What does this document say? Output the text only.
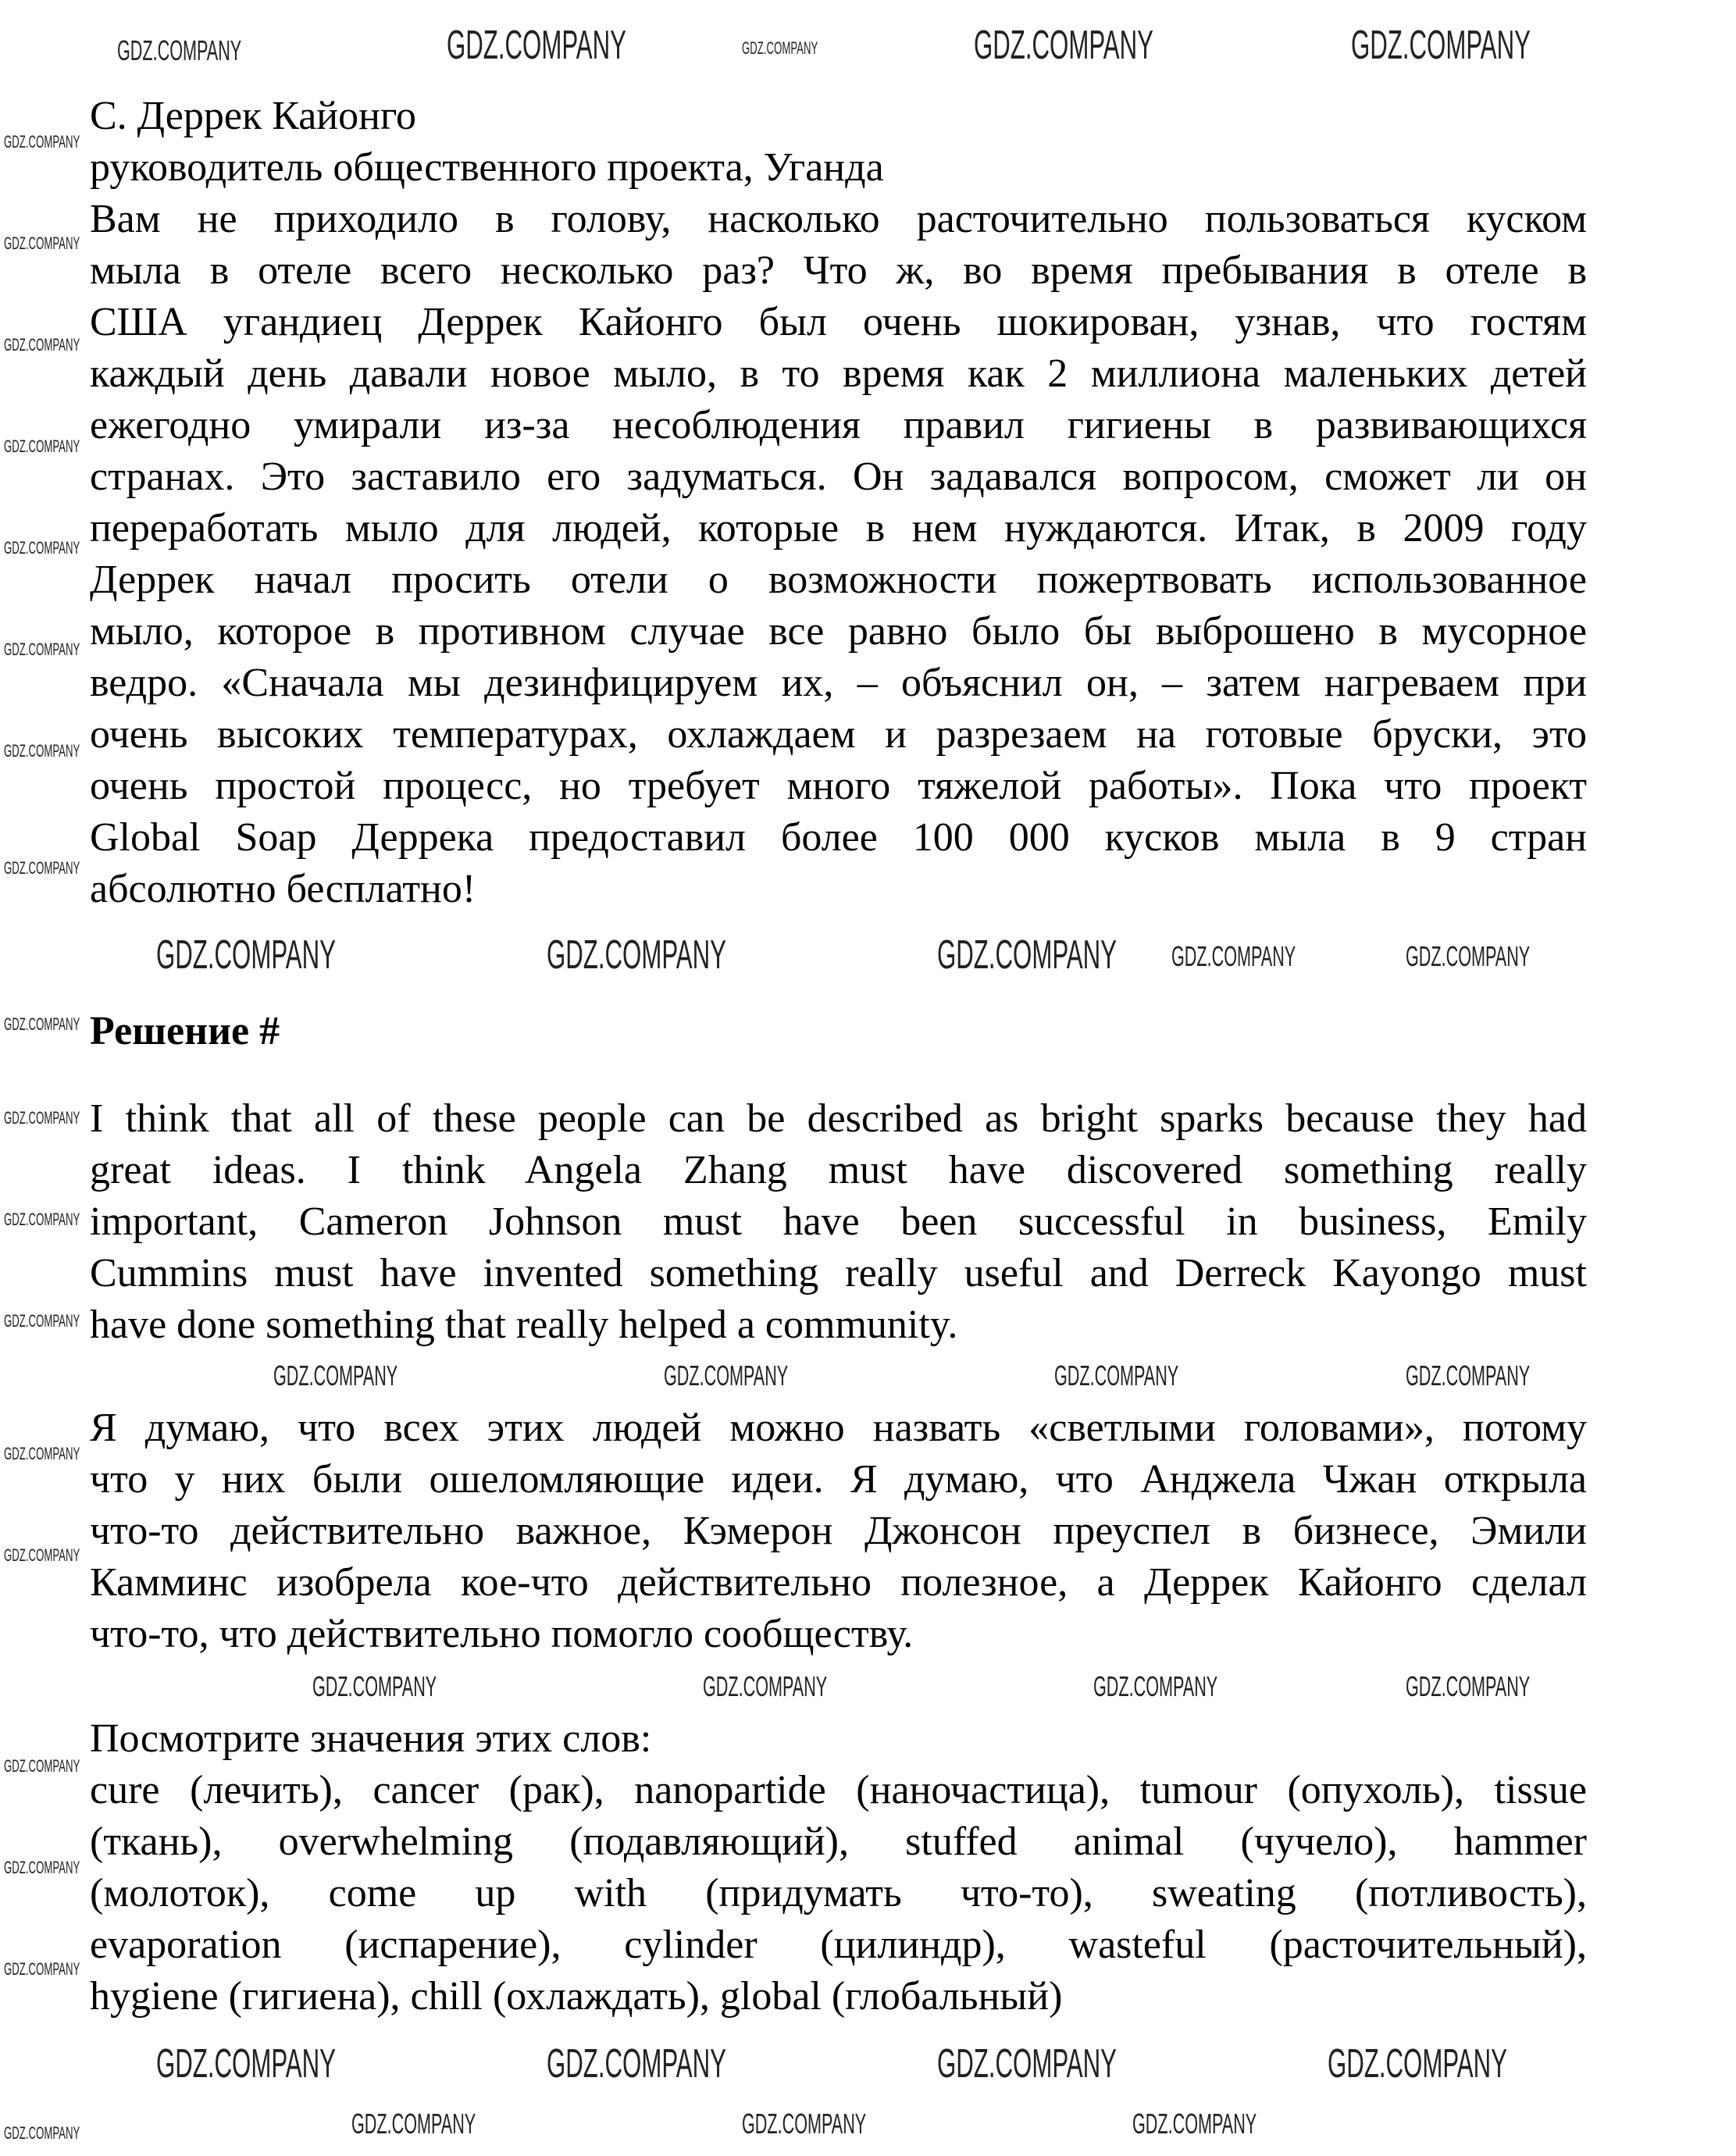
С. Деррек Кайонго
руководитель общественного проекта, Уганда
Вам не приходило в голову, насколько расточительно пользоваться куском
мыла в отеле всего несколько раз? Что ж, во время пребывания в отеле в
США угандиец Деррек Кайонго был очень шокирован, узнав, что гостям
каждый день давали новое мыло, в то время как 2 миллиона маленьких детей
ежегодно умирали из-за несоблюдения правил гигиены в развивающихся
странах. Это заставило его задуматься. Он задавался вопросом, сможет ли он
переработать мыло для людей, которые в нем нуждаются. Итак, в 2009 году
Деррек начал просить отели о возможности пожертвовать использованное
мыло, которое в противном случае все равно было бы выброшено в мусорное
ведро. «Сначала мы дезинфицируем их, – объяснил он, – затем нагреваем при
очень высоких температурах, охлаждаем и разрезаем на готовые бруски, это
очень простой процесс, но требует много тяжелой работы». Пока что проект
Global Soap Деррека предоставил более 100 000 кусков мыла в 9 стран
абсолютно бесплатно!
Решение #
I think that all of these people can be described as bright sparks because they had
great ideas. I think Angela Zhang must have discovered something really
important, Cameron Johnson must have been successful in business, Emily
Cummins must have invented something really useful and Derreck Kayongo must
have done something that really helped a community.
Я думаю, что всех этих людей можно назвать «светлыми головами», потому
что у них были ошеломляющие идеи. Я думаю, что Анджела Чжан открыла
что-то действительно важное, Кэмерон Джонсон преуспел в бизнесе, Эмили
Камминс изобрела кое-что действительно полезное, а Деррек Кайонго сделал
что-то, что действительно помогло сообществу.
Посмотрите значения этих слов:
cure (лечить), cancer (рак), nanopartide (наночастица), tumour (опухоль), tissue
(ткань), overwhelming (подавляющий), stuffed animal (чучело), hammer
(молоток), come up with (придумать что-то), sweating (потливость),
evaporation (испарение), cylinder (цилиндр), wasteful (расточительный),
hygiene (гигиена), chill (охлаждать), global (глобальный)
GDZ.COMPANY	GDZ.COMPANY	GDZ.COMPANY
GDZ.COMPANY	GDZ.COMPANY
GDZ.COMPANY	GDZ.COMPANY	GDZ.COMPANY GDZ.COMPANY	GDZ.COMPANY
GDZ.COMPANY	GDZ.COMPANY	GDZ.COMPANY	GDZ.COMPANY
GDZ.COMPANY	GDZ.COMPANY	GDZ.COMPANY	GDZ.COMPANY
GDZ.COMPANY	GDZ.COMPANY	GDZ.COMPANY	GDZ.COMPANY
GDZ.COMPANY	GDZ.COMPANY	GDZ.COMPANY
GDZ.COMPANY
GDZ.COMPANY
GDZ.COMPANY
GDZ.COMPANY
GDZ.COMPANY
GDZ.COMPANY
GDZ.COMPANY
GDZ.COMPANY
GDZ.COMPANY
GDZ.COMPANY
GDZ.COMPANY
GDZ.COMPANY
GDZ.COMPANY
GDZ.COMPANY
GDZ.COMPANY
GDZ.COMPANY
GDZ.COMPANY
GDZ.COMPANY
